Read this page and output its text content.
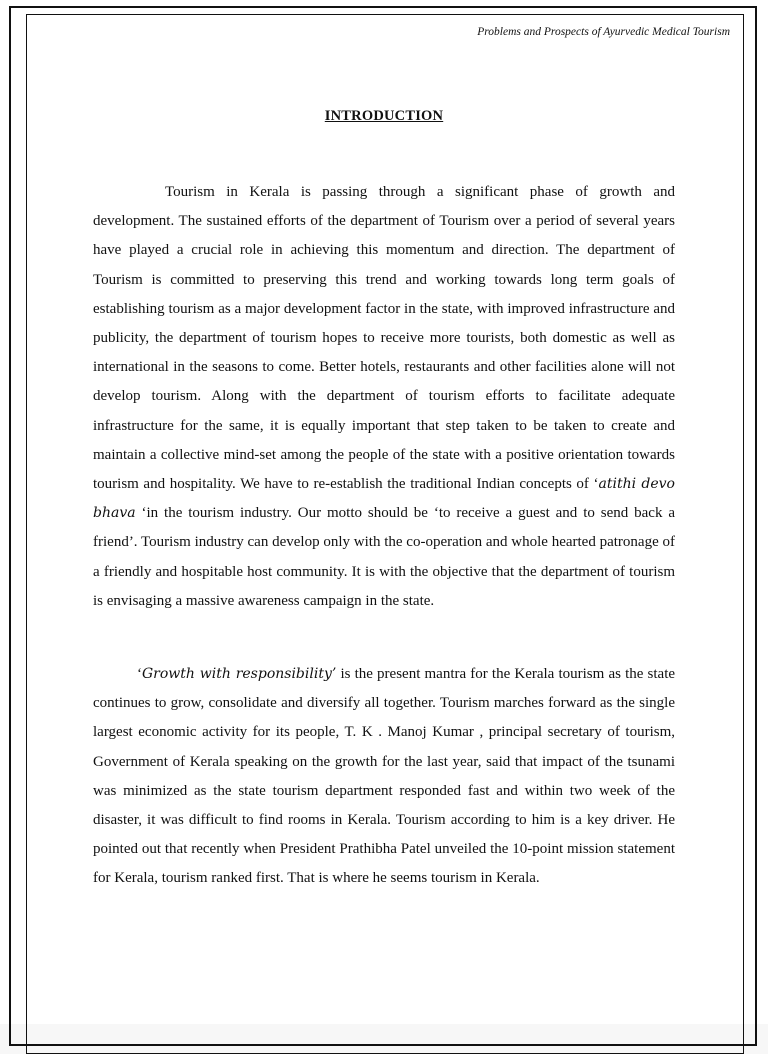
Problems and Prospects of Ayurvedic Medical Tourism
INTRODUCTION
Tourism in Kerala is passing through a significant phase of growth and development. The sustained efforts of the department of Tourism over a period of several years have played a crucial role in achieving this momentum and direction. The department of Tourism is committed to preserving this trend and working towards long term goals of establishing tourism as a major development factor in the state, with improved infrastructure and publicity, the department of tourism hopes to receive more tourists, both domestic as well as international in the seasons to come. Better hotels, restaurants and other facilities alone will not develop tourism. Along with the department of tourism efforts to facilitate adequate infrastructure for the same, it is equally important that step taken to be taken to create and maintain a collective mind-set among the people of the state with a positive orientation towards tourism and hospitality. We have to re-establish the traditional Indian concepts of ‘atithi devo bhava ‘in the tourism industry. Our motto should be ‘to receive a guest and to send back a friend’. Tourism industry can develop only with the co-operation and whole hearted patronage of a friendly and hospitable host community. It is with the objective that the department of tourism is envisaging a massive awareness campaign in the state.
‘Growth with responsibility’ is the present mantra for the Kerala tourism as the state continues to grow, consolidate and diversify all together. Tourism marches forward as the single largest economic activity for its people, T. K . Manoj Kumar , principal secretary of tourism, Government of Kerala speaking on the growth for the last year, said that impact of the tsunami was minimized as the state tourism department responded fast and within two week of the disaster, it was difficult to find rooms in Kerala. Tourism according to him is a key driver. He pointed out that recently when President Prathibha Patel unveiled the 10-point mission statement for Kerala, tourism ranked first. That is where he seems tourism in Kerala.
